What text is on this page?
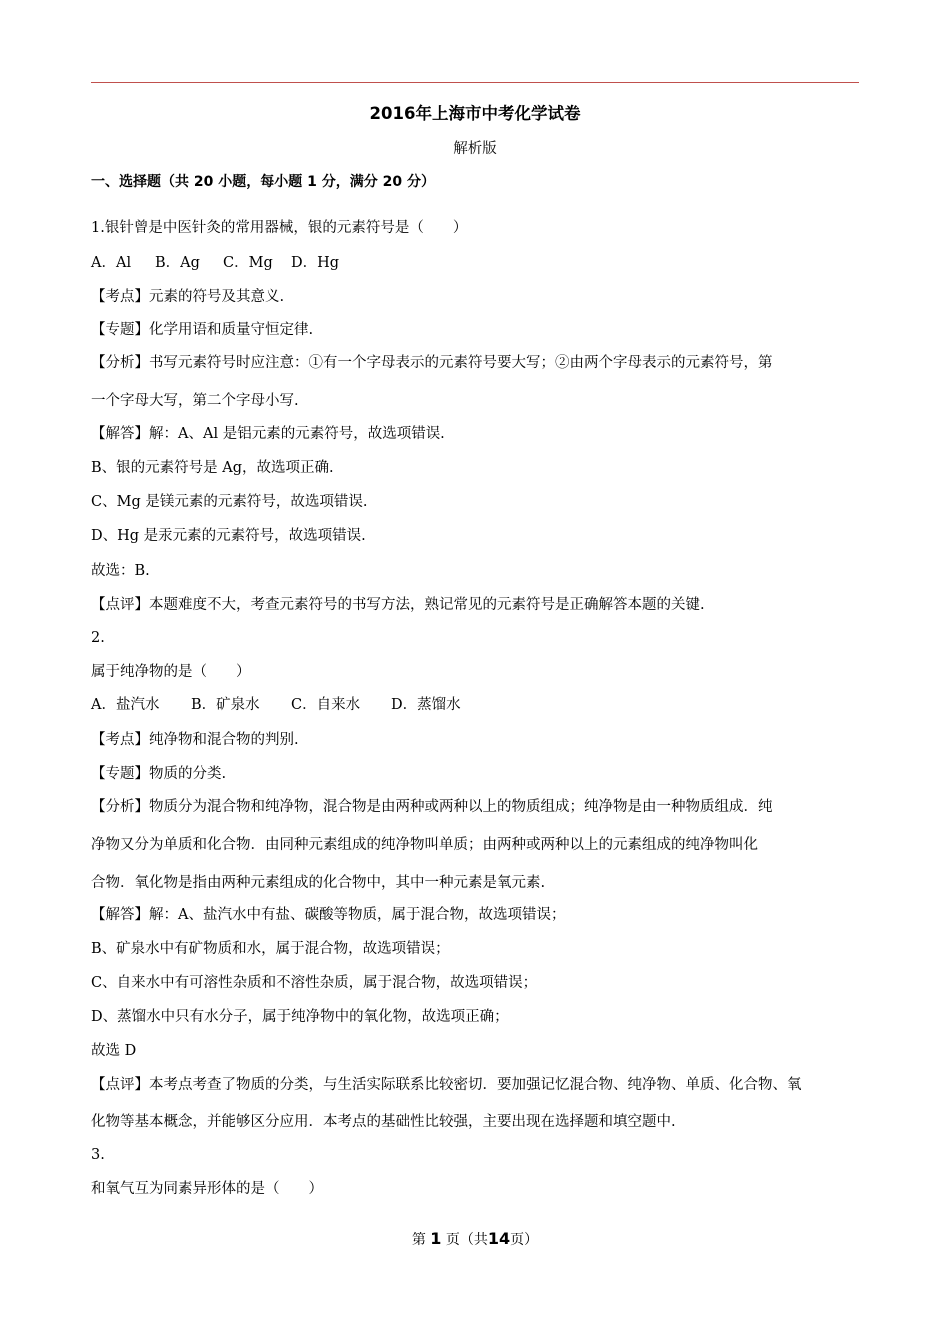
2016年上海市中考化学试卷
解析版
一、选择题（共 20 小题，每小题 1 分，满分 20 分）
1.银针曾是中医针灸的常用器械，银的元素符号是（　　）
A．Al B．Ag C．Mg D．Hg
【考点】元素的符号及其意义.
【专题】化学用语和质量守恒定律.
【分析】书写元素符号时应注意：①有一个字母表示的元素符号要大写；②由两个字母表示的元素符号，第
一个字母大写，第二个字母小写.
【解答】解：A、Al 是铝元素的元素符号，故选项错误.
B、银的元素符号是 Ag，故选项正确.
C、Mg 是镁元素的元素符号，故选项错误.
D、Hg 是汞元素的元素符号，故选项错误.
故选：B.
【点评】本题难度不大，考查元素符号的书写方法，熟记常见的元素符号是正确解答本题的关键.
2.
属于纯净物的是（　　）
A．盐汽水 B．矿泉水 C．自来水 D．蒸馏水
【考点】纯净物和混合物的判别.
【专题】物质的分类.
【分析】物质分为混合物和纯净物，混合物是由两种或两种以上的物质组成；纯净物是由一种物质组成．纯
净物又分为单质和化合物．由同种元素组成的纯净物叫单质；由两种或两种以上的元素组成的纯净物叫化
合物．氧化物是指由两种元素组成的化合物中，其中一种元素是氧元素.
【解答】解：A、盐汽水中有盐、碳酸等物质，属于混合物，故选项错误；
B、矿泉水中有矿物质和水，属于混合物，故选项错误；
C、自来水中有可溶性杂质和不溶性杂质，属于混合物，故选项错误；
D、蒸馏水中只有水分子，属于纯净物中的氧化物，故选项正确；
故选 D
【点评】本考点考查了物质的分类，与生活实际联系比较密切．要加强记忆混合物、纯净物、单质、化合物、氧
化物等基本概念，并能够区分应用．本考点的基础性比较强，主要出现在选择题和填空题中.
3.
和氧气互为同素异形体的是（　　）
第 1 页（共14页）
